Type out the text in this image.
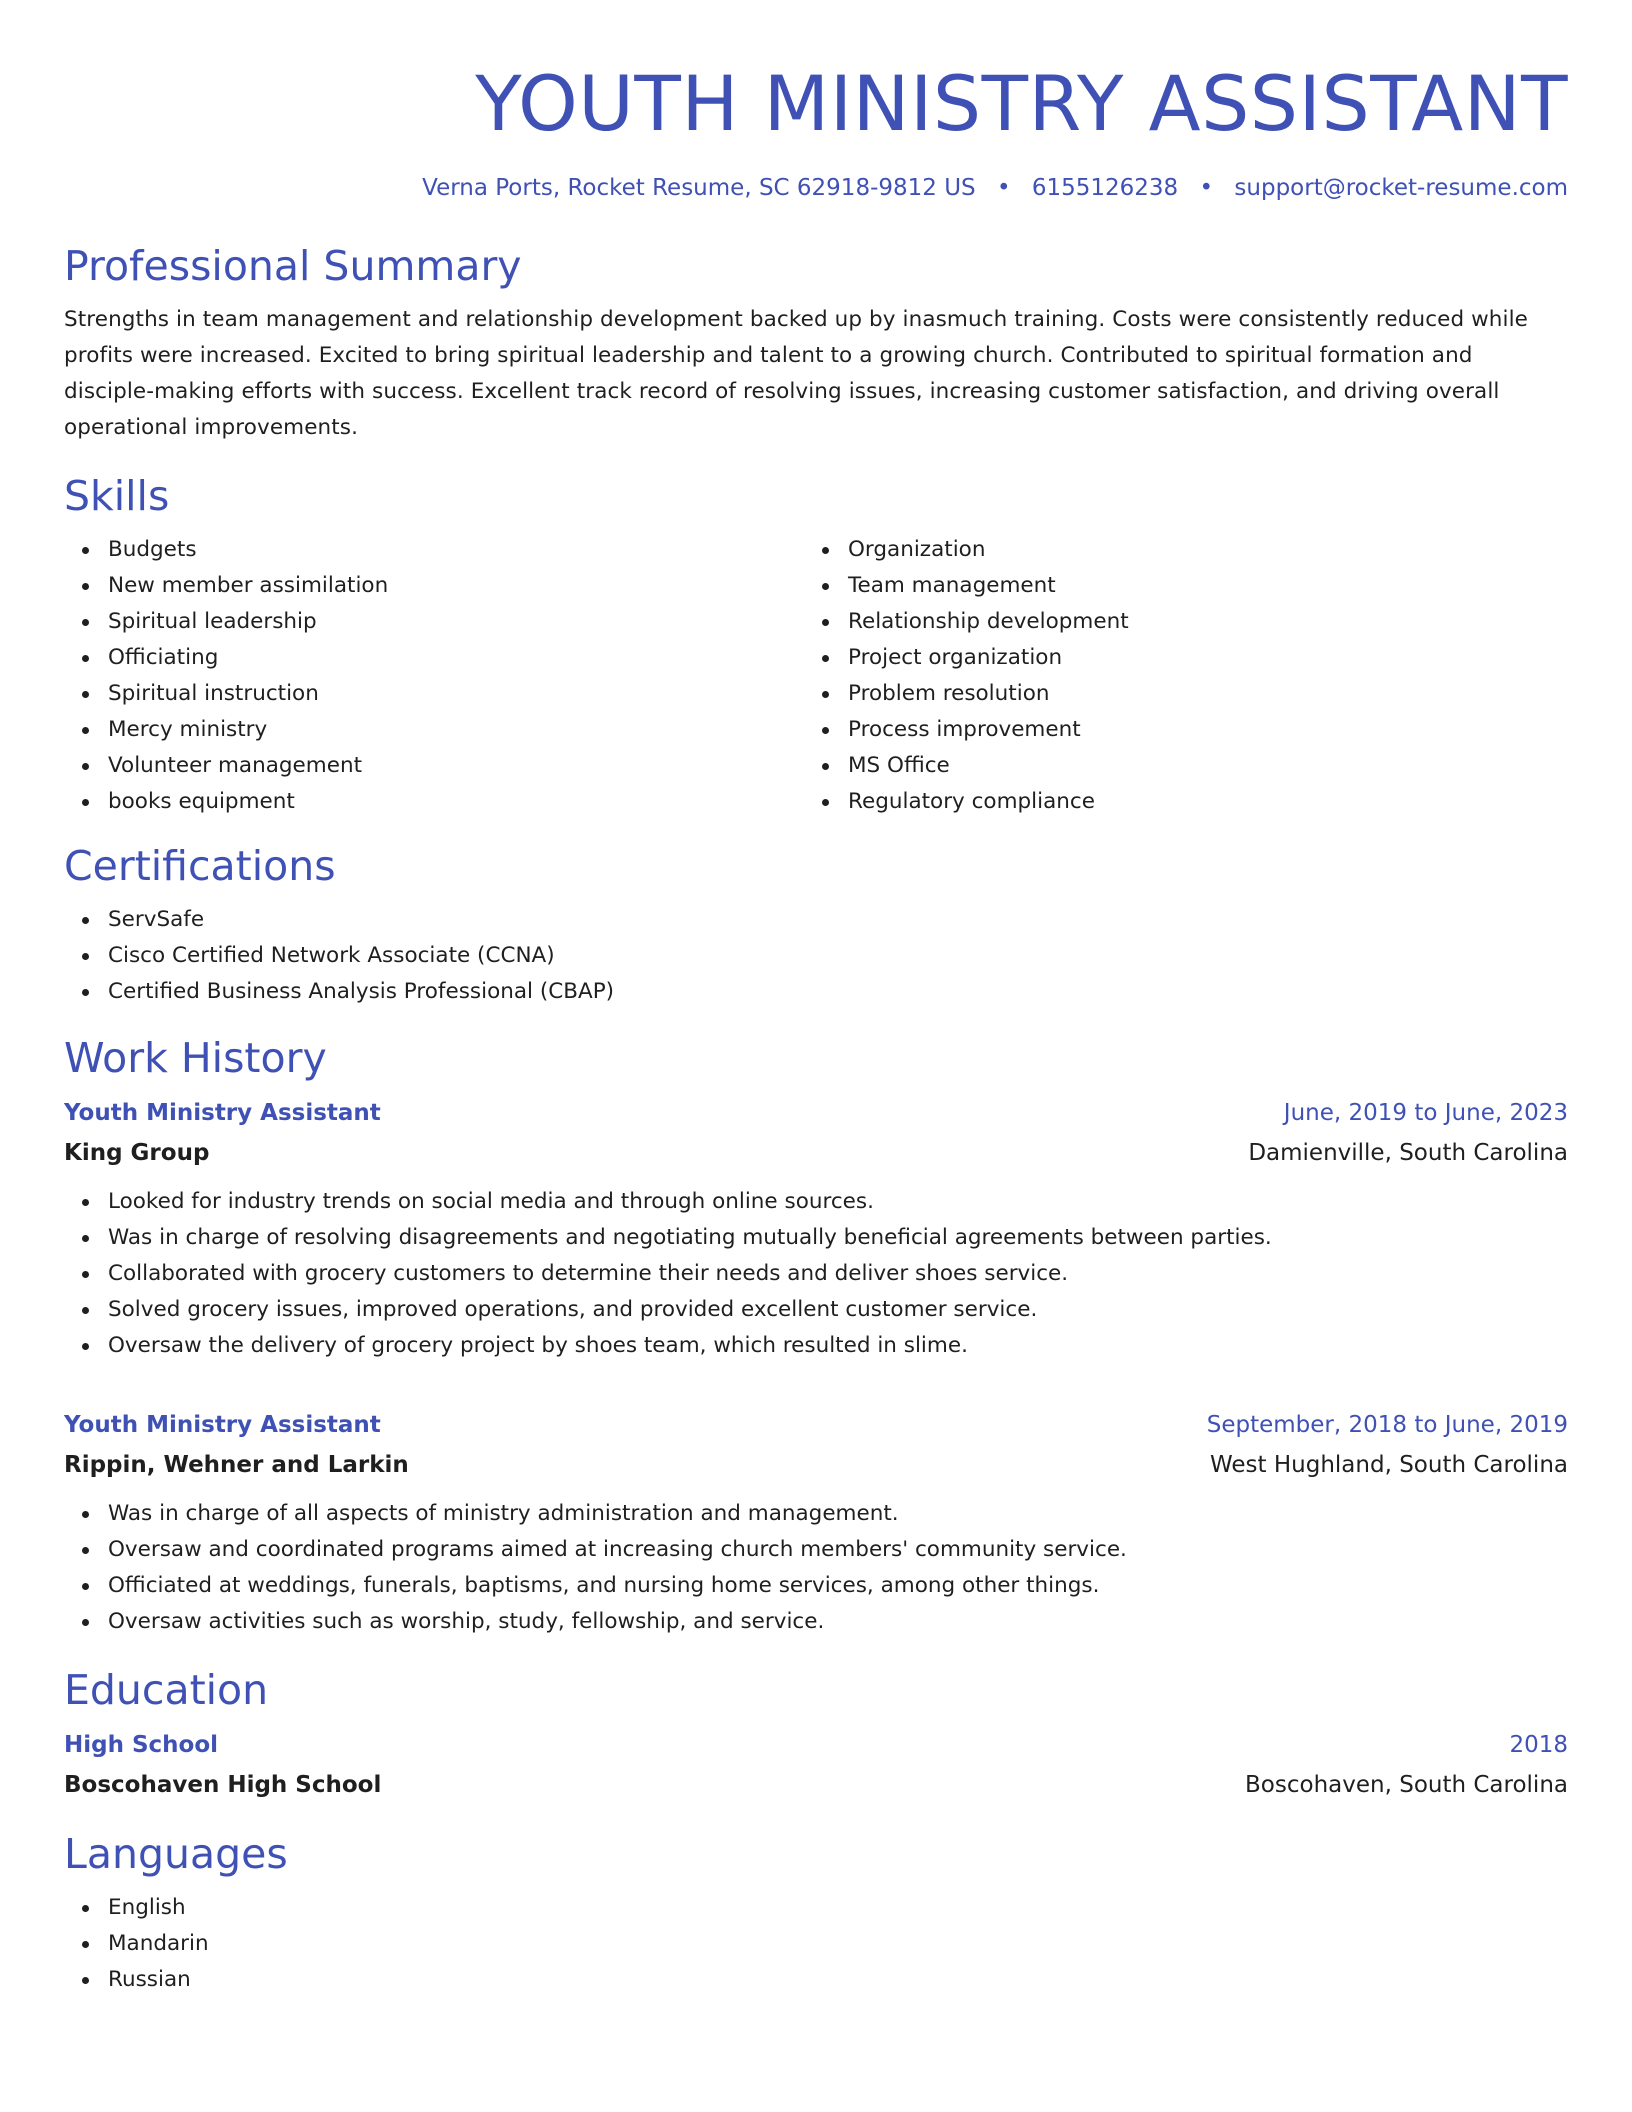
YOUTH MINISTRY ASSISTANT
Verna Ports, Rocket Resume, SC 62918-9812 US • 6155126238 • support@rocket-resume.com
Professional Summary
Strengths in team management and relationship development backed up by inasmuch training. Costs were consistently reduced while profits were increased. Excited to bring spiritual leadership and talent to a growing church. Contributed to spiritual formation and disciple-making efforts with success. Excellent track record of resolving issues, increasing customer satisfaction, and driving overall operational improvements.
Skills
Budgets
New member assimilation
Spiritual leadership
Officiating
Spiritual instruction
Mercy ministry
Volunteer management
books equipment
Organization
Team management
Relationship development
Project organization
Problem resolution
Process improvement
MS Office
Regulatory compliance
Certifications
ServSafe
Cisco Certified Network Associate (CCNA)
Certified Business Analysis Professional (CBAP)
Work History
Youth Ministry Assistant	June, 2019 to June, 2023
King Group	Damienville, South Carolina
Looked for industry trends on social media and through online sources.
Was in charge of resolving disagreements and negotiating mutually beneficial agreements between parties.
Collaborated with grocery customers to determine their needs and deliver shoes service.
Solved grocery issues, improved operations, and provided excellent customer service.
Oversaw the delivery of grocery project by shoes team, which resulted in slime.
Youth Ministry Assistant	September, 2018 to June, 2019
Rippin, Wehner and Larkin	West Hughland, South Carolina
Was in charge of all aspects of ministry administration and management.
Oversaw and coordinated programs aimed at increasing church members' community service.
Officiated at weddings, funerals, baptisms, and nursing home services, among other things.
Oversaw activities such as worship, study, fellowship, and service.
Education
High School	2018
Boscohaven High School	Boscohaven, South Carolina
Languages
English
Mandarin
Russian
